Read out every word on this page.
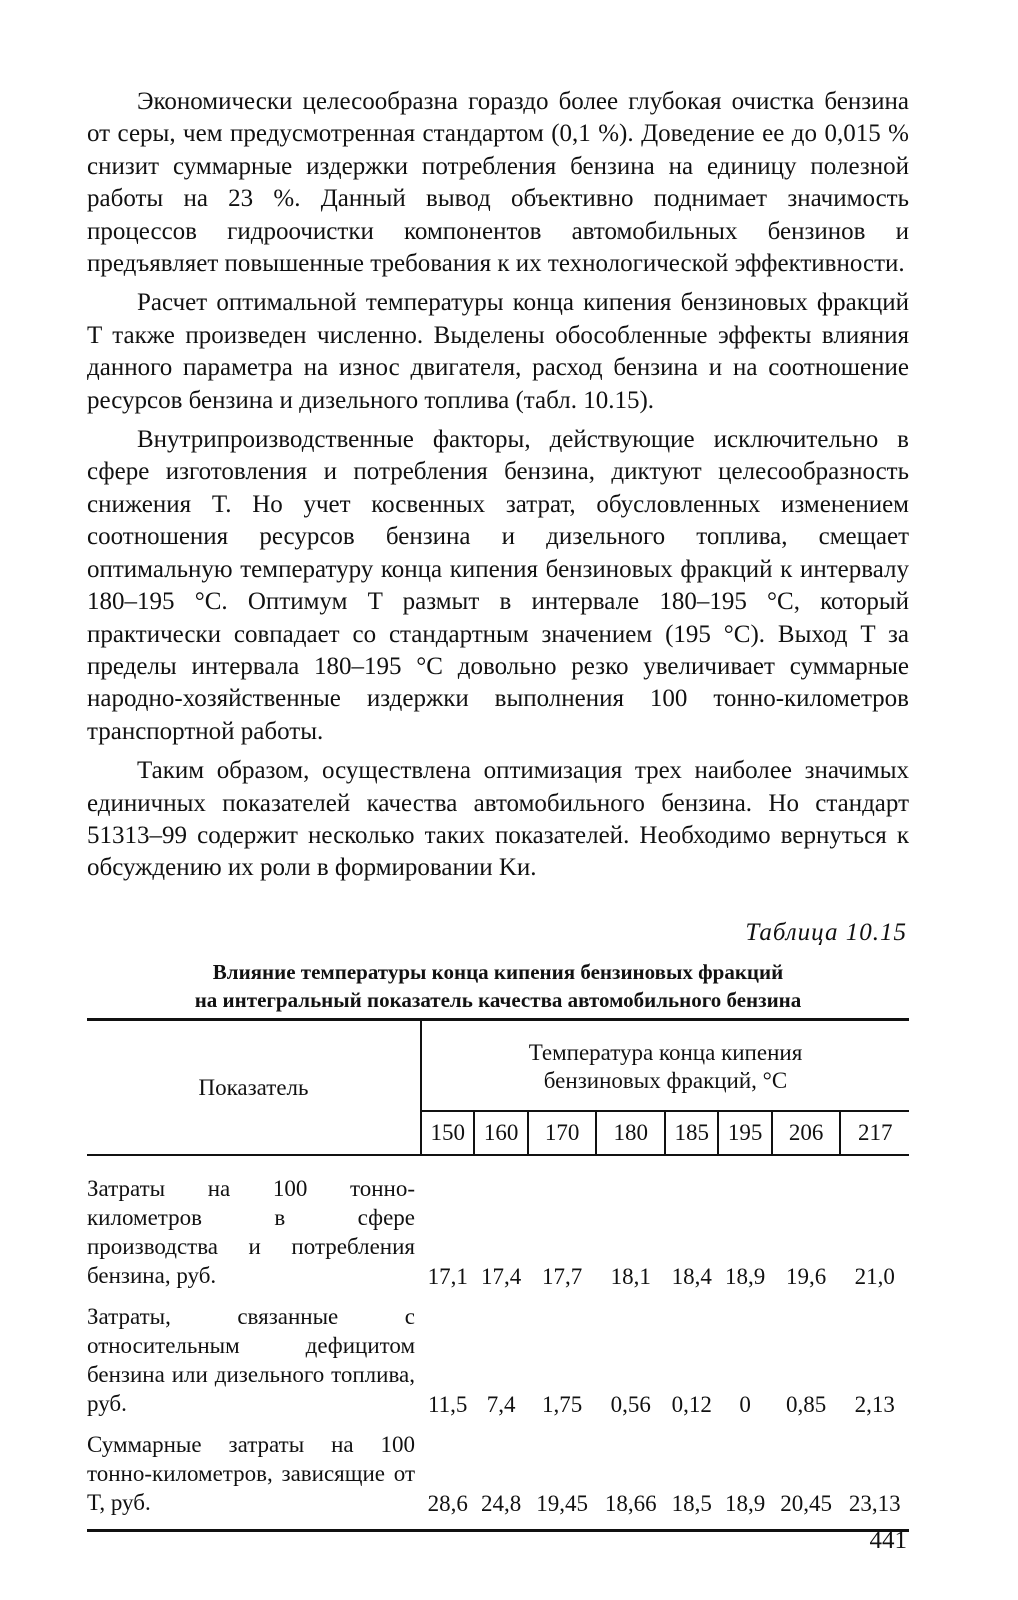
Экономически целесообразна гораздо более глубокая очистка бензина от серы, чем предусмотренная стандартом (0,1 %). Доведение ее до 0,015 % снизит суммарные издержки потребления бензина на единицу полезной работы на 23 %. Данный вывод объективно поднимает значимость процессов гидроочистки компонентов автомобильных бензинов и предъявляет повышенные требования к их технологической эффективности.

Расчет оптимальной температуры конца кипения бензиновых фракций T также произведен численно. Выделены обособленные эффекты влияния данного параметра на износ двигателя, расход бензина и на соотношение ресурсов бензина и дизельного топлива (табл. 10.15).

Внутрипроизводственные факторы, действующие исключительно в сфере изготовления и потребления бензина, диктуют целесообразность снижения T. Но учет косвенных затрат, обусловленных изменением соотношения ресурсов бензина и дизельного топлива, смещает оптимальную температуру конца кипения бензиновых фракций к интервалу 180–195 °С. Оптимум T размыт в интервале 180–195 °С, который практически совпадает со стандартным значением (195 °С). Выход T за пределы интервала 180–195 °С довольно резко увеличивает суммарные народно-хозяйственные издержки выполнения 100 тонно-километров транспортной работы.

Таким образом, осуществлена оптимизация трех наиболее значимых единичных показателей качества автомобильного бензина. Но стандарт 51313–99 содержит несколько таких показателей. Необходимо вернуться к обсуждению их роли в формировании Kи.

Таблица 10.15
Влияние температуры конца кипения бензиновых фракций
на интегральный показатель качества автомобильного бензина
Показатель	Температура конца кипения
бензиновых фракций, °С							

	150	160	170	180	185	195	206	217

Затраты на 100 тонно-километров в сфере производства и потребления бензина, руб.	17,1	17,4	17,7	18,1	18,4	18,9	19,6	21,0
Затраты, связанные с относительным дефицитом бензина или дизельного топлива, руб.	11,5	7,4	1,75	0,56	0,12	0	0,85	2,13
Суммарные затраты на 100 тонно-километров, зависящие от T, руб.	28,6	24,8	19,45	18,66	18,5	18,9	20,45	23,13

441
